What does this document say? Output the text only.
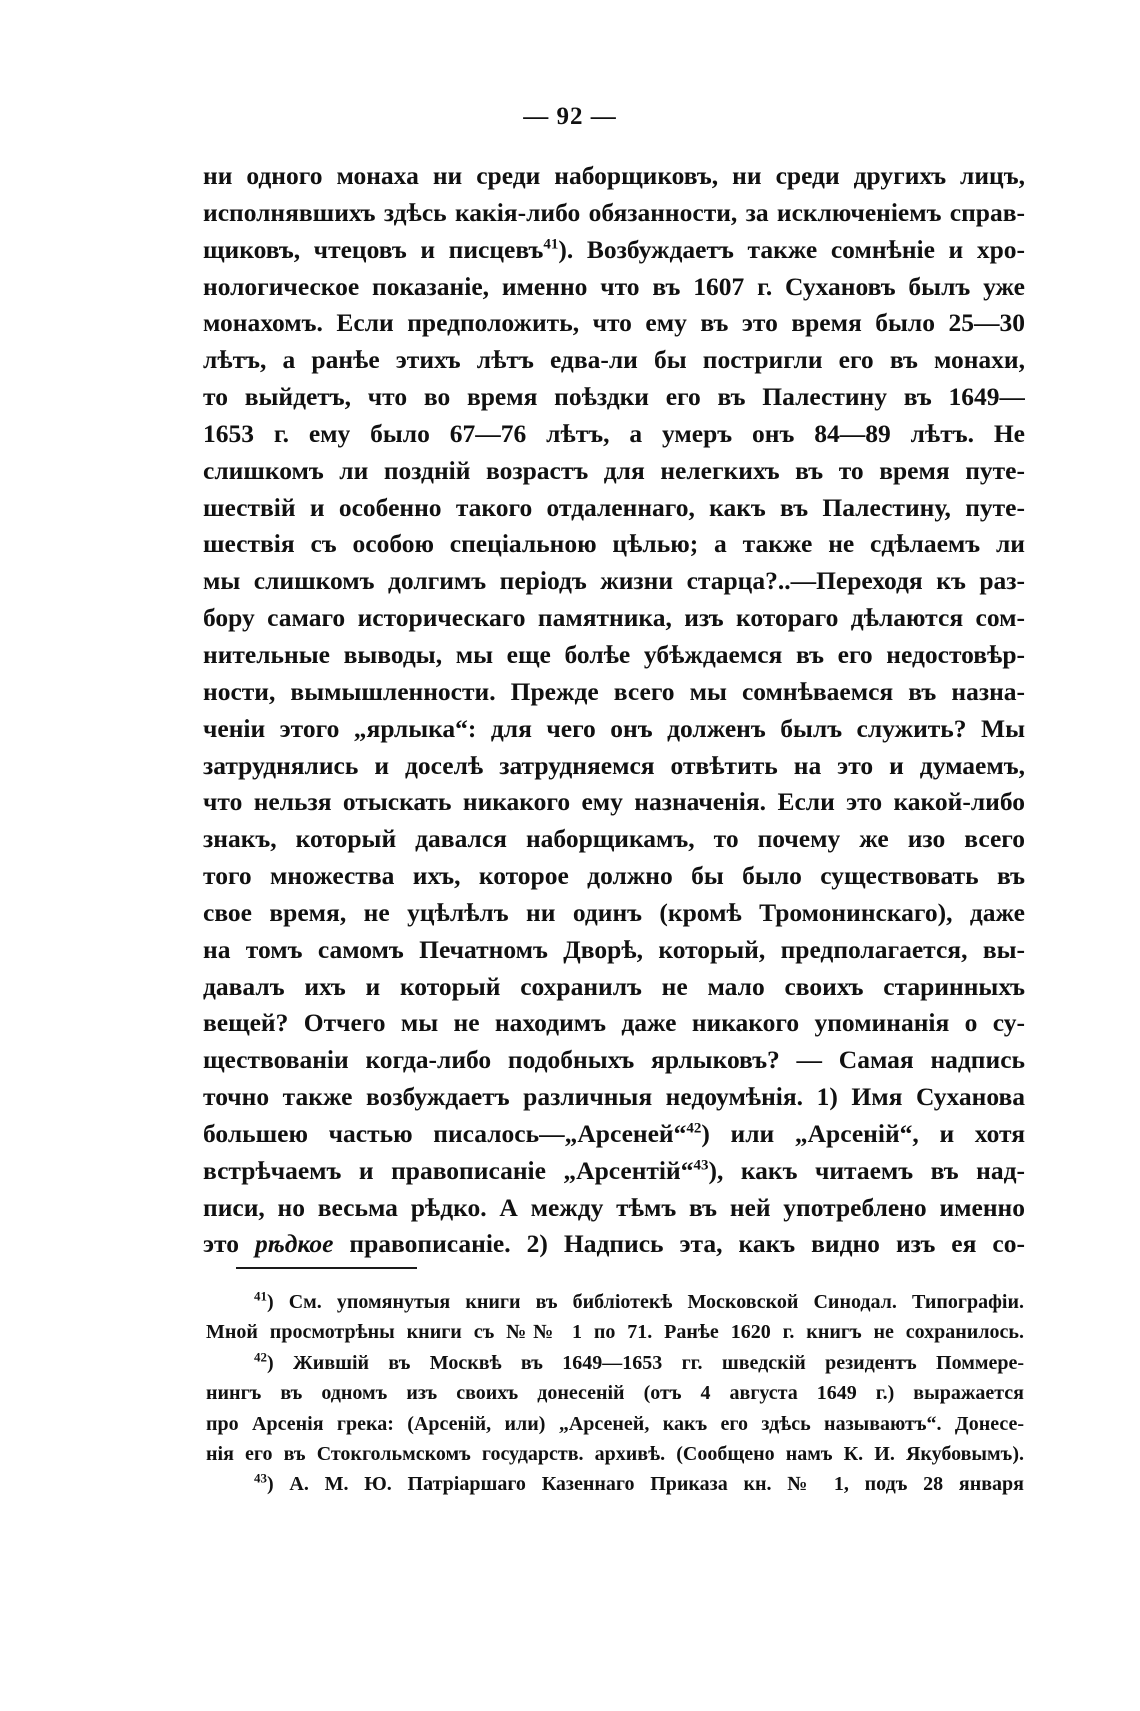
— 92 —
ни одного монаха ни среди наборщиковъ, ни среди другихъ лицъ,
исполнявшихъ здѣсь какія-либо обязанности, за исключеніемъ справ-
щиковъ, чтецовъ и писцевъ$^{41}$). Возбуждаетъ также сомнѣніе и хро-
нологическое показаніе, именно что въ 1607 г. Сухановъ былъ уже
монахомъ. Если предположить, что ему въ это время было 25—30
лѣтъ, а ранѣе этихъ лѣтъ едва-ли бы постригли его въ монахи,
то выйдетъ, что во время поѣздки его въ Палестину въ 1649—
1653 г. ему было 67—76 лѣтъ, а умеръ онъ 84—89 лѣтъ. Не
слишкомъ ли поздній возрастъ для нелегкихъ въ то время путе-
шествій и особенно такого отдаленнаго, какъ въ Палестину, путе-
шествія съ особою спеціальною цѣлью; а также не сдѣлаемъ ли
мы слишкомъ долгимъ періодъ жизни старца?..—Переходя къ раз-
бору самаго историческаго памятника, изъ котораго дѣлаются сом-
нительные выводы, мы еще болѣе убѣждаемся въ его недостовѣр-
ности, вымышленности. Прежде всего мы сомнѣваемся въ назна-
ченіи этого „ярлыка“: для чего онъ долженъ былъ служить? Мы
затруднялись и доселѣ затрудняемся отвѣтить на это и думаемъ,
что нельзя отыскать никакого ему назначенія. Если это какой-либо
знакъ, который давался наборщикамъ, то почему же изо всего
того множества ихъ, которое должно бы было существовать въ
свое время, не уцѣлѣлъ ни одинъ (кромѣ Тромонинскаго), даже
на томъ самомъ Печатномъ Дворѣ, который, предполагается, вы-
давалъ ихъ и который сохранилъ не мало своихъ старинныхъ
вещей? Отчего мы не находимъ даже никакого упоминанія о су-
ществованіи когда-либо подобныхъ ярлыковъ? — Самая надпись
точно также возбуждаетъ различныя недоумѣнія. 1) Имя Суханова
большею частью писалось—„Арсеней“$^{42}$) или „Арсеній“, и хотя
встрѣчаемъ и правописаніе „Арсентій“$^{43}$), какъ читаемъ въ над-
писи, но весьма рѣдко. А между тѣмъ въ ней употреблено именно
это рѣдкое правописаніе. 2) Надпись эта, какъ видно изъ ея со-
$^{41}$) См. упомянутыя книги въ библіотекѣ Московской Синодал. Типографіи.
Мной просмотрѣны книги съ №№ 1 по 71. Ранѣе 1620 г. книгъ не сохранилось.
$^{42}$) Жившій въ Москвѣ въ 1649—1653 гг. шведскій резидентъ Поммере-
нингъ въ одномъ изъ своихъ донесеній (отъ 4 августа 1649 г.) выражается
про Арсенія грека: (Арсеній, или) „Арсеней, какъ его здѣсь называютъ“. Донесе-
нія его въ Стокгольмскомъ государств. архивѣ. (Сообщено намъ К. И. Якубовымъ).
$^{43}$) А. М. Ю. Патріаршаго Казеннаго Приказа кн. № 1, подъ 28 января
